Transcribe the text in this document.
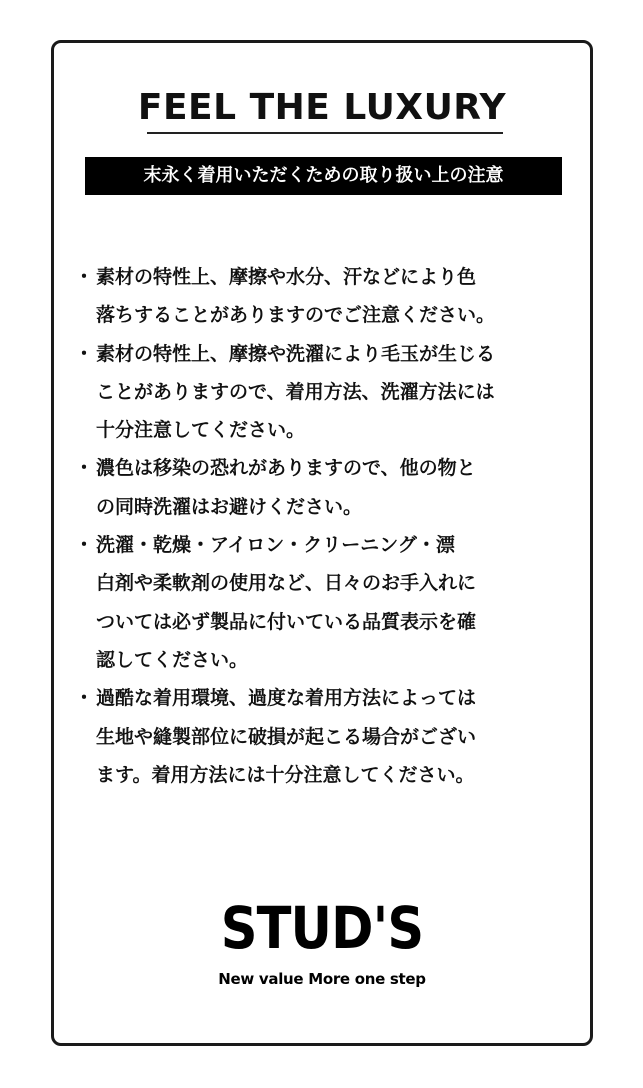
FEEL THE LUXURY
末永く着用いただくための取り扱い上の注意
・ 素材の特性上、摩擦や水分、汗などにより色
落ちすることがありますのでご注意ください。
・ 素材の特性上、摩擦や洗濯により毛玉が生じる
ことがありますので、着用方法、洗濯方法には
十分注意してください。
・ 濃色は移染の恐れがありますので、他の物と
の同時洗濯はお避けください。
・ 洗濯・乾燥・アイロン・クリーニング・漂
白剤や柔軟剤の使用など、日々のお手入れに
ついては必ず製品に付いている品質表示を確
認してください。
・ 過酷な着用環境、過度な着用方法によっては
生地や縫製部位に破損が起こる場合がござい
ます。着用方法には十分注意してください。
STUD'S
New value More one step
